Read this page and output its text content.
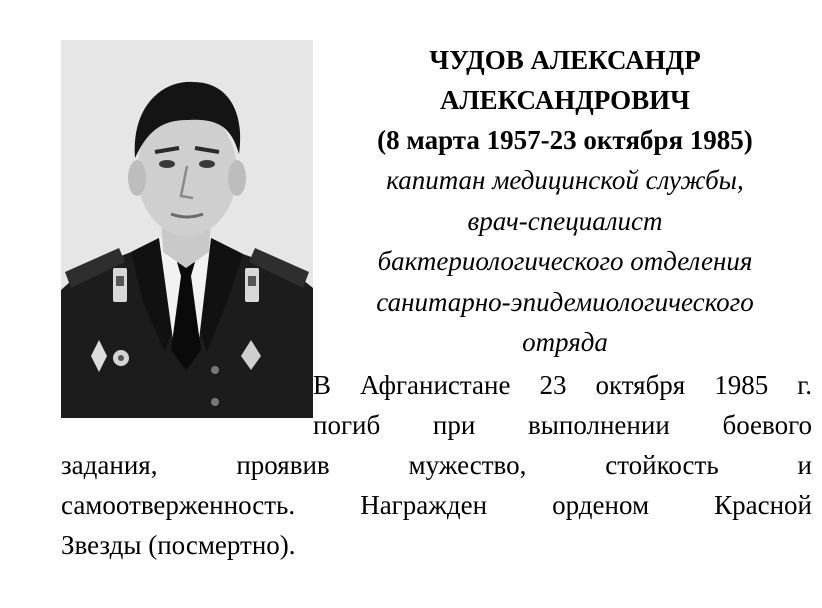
ЧУДОВ АЛЕКСАНДР
АЛЕКСАНДРОВИЧ
(8 марта 1957-23 октября 1985)
капитан медицинской службы,
врач-специалист
бактериологического отделения
санитарно-эпидемиологического
отряда
В Афганистане 23 октября 1985 г.
погиб при выполнении боевого
задания, проявив мужество, стойкость и
самоотверженность. Награжден орденом Красной
Звезды (посмертно).
